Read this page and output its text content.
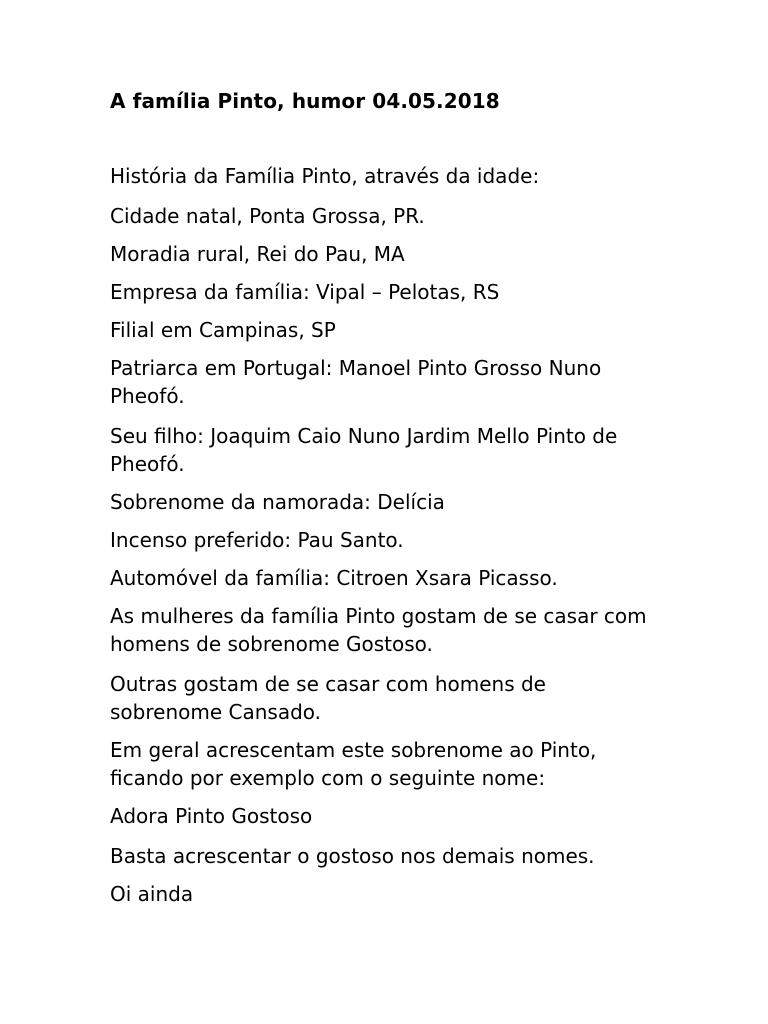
A família Pinto, humor 04.05.2018
História da Família Pinto, através da idade:
Cidade natal, Ponta Grossa, PR.
Moradia rural, Rei do Pau, MA
Empresa da família: Vipal – Pelotas, RS
Filial em Campinas, SP
Patriarca em Portugal: Manoel Pinto Grosso Nuno
Pheofó.
Seu filho: Joaquim Caio Nuno Jardim Mello Pinto de
Pheofó.
Sobrenome da namorada: Delícia
Incenso preferido: Pau Santo.
Automóvel da família: Citroen Xsara Picasso.
As mulheres da família Pinto gostam de se casar com
homens de sobrenome Gostoso.
Outras gostam de se casar com homens de
sobrenome Cansado.
Em geral acrescentam este sobrenome ao Pinto,
ficando por exemplo com o seguinte nome:
Adora Pinto Gostoso
Basta acrescentar o gostoso nos demais nomes.
Oi ainda
